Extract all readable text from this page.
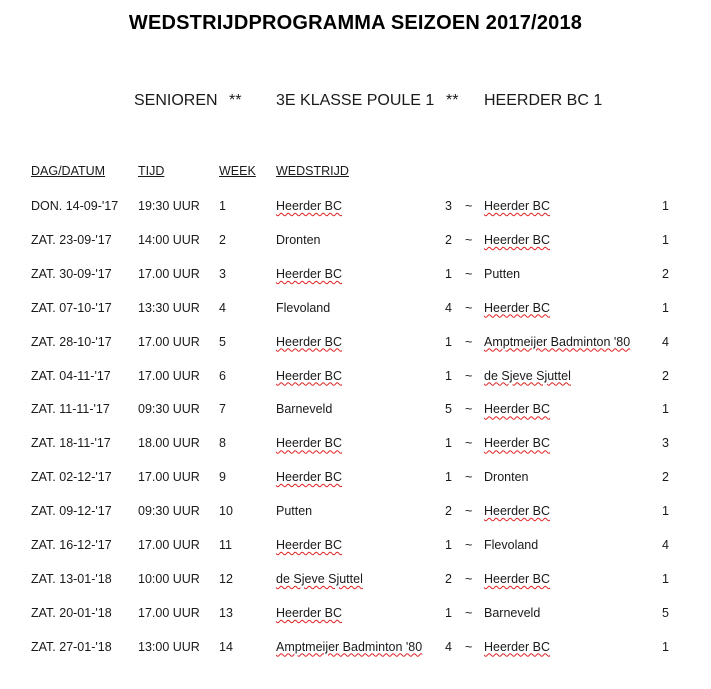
WEDSTRIJDPROGRAMMA SEIZOEN 2017/2018
SENIOREN ** 3E KLASSE POULE 1 ** HEERDER BC 1
DAG/DATUM	TIJD	WEEK WEDSTRIJD
DON. 14-09-'17 19:30 UUR 1	Heerder BC	3 ~ Heerder BC	1
ZAT. 23-09-'17 14:00 UUR 2	Dronten	2 ~ Heerder BC	1
ZAT. 30-09-'17 17.00 UUR 3	Heerder BC	1 ~ Putten	2
ZAT. 07-10-'17 13:30 UUR 4	Flevoland	4 ~ Heerder BC	1
ZAT. 28-10-'17 17.00 UUR 5	Heerder BC	1 ~ Amptmeijer Badminton '80	4
ZAT. 04-11-'17 17.00 UUR 6	Heerder BC	1 ~ de Sjeve Sjuttel	2
ZAT. 11-11-'17 09:30 UUR 7	Barneveld	5 ~ Heerder BC	1
ZAT. 18-11-'17 18.00 UUR 8	Heerder BC	1 ~ Heerder BC	3
ZAT. 02-12-'17 17.00 UUR 9	Heerder BC	1 ~ Dronten	2
ZAT. 09-12-'17 09:30 UUR 10	Putten	2 ~ Heerder BC	1
ZAT. 16-12-'17 17.00 UUR 11	Heerder BC	1 ~ Flevoland	4
ZAT. 13-01-'18 10:00 UUR 12	de Sjeve Sjuttel	2 ~ Heerder BC	1
ZAT. 20-01-'18 17.00 UUR 13	Heerder BC	1 ~ Barneveld	5
ZAT. 27-01-'18 13:00 UUR 14	Amptmeijer Badminton '80 4 ~ Heerder BC	1
